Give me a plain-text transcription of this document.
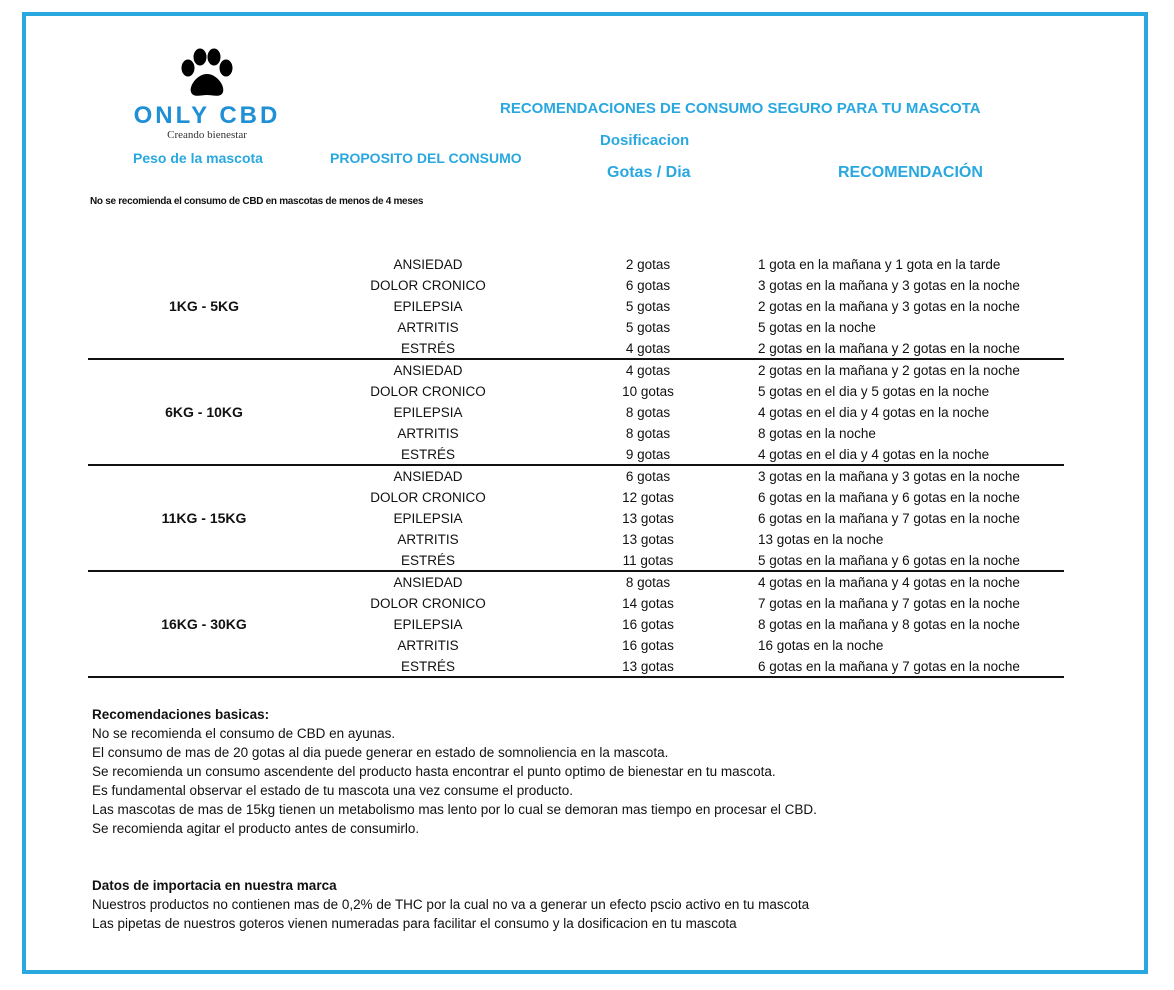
ONLY CBD
Creando bienestar
RECOMENDACIONES DE CONSUMO SEGURO PARA TU MASCOTA
Peso de la mascota	PROPOSITO DEL CONSUMO
Dosificacion
Gotas / Dia	RECOMENDACIÓN
No se recomienda el consumo de CBD en mascotas de menos de 4 meses
1KG - 5KG
ANSIEDAD	2 gotas	1 gota en la mañana y 1 gota en la tarde
DOLOR CRONICO	6 gotas	3 gotas en la mañana y 3 gotas en la noche
EPILEPSIA	5 gotas	2 gotas en la mañana y 3 gotas en la noche
ARTRITIS	5 gotas	5 gotas en la noche
ESTRÉS	4 gotas	2 gotas en la mañana y 2 gotas en la noche
6KG - 10KG
ANSIEDAD	4 gotas	2 gotas en la mañana y 2 gotas en la noche
DOLOR CRONICO	10 gotas	5 gotas en el dia y 5 gotas en la noche
EPILEPSIA	8 gotas	4 gotas en el dia y 4 gotas en la noche
ARTRITIS	8 gotas	8 gotas en la noche
ESTRÉS	9 gotas	4 gotas en el dia y 4 gotas en la noche
11KG - 15KG
ANSIEDAD	6 gotas	3 gotas en la mañana y 3 gotas en la noche
DOLOR CRONICO	12 gotas	6 gotas en la mañana y 6 gotas en la noche
EPILEPSIA	13 gotas	6 gotas en la mañana y 7 gotas en la noche
ARTRITIS	13 gotas	13 gotas en la noche
ESTRÉS	11 gotas	5 gotas en la mañana y 6 gotas en la noche
16KG - 30KG
ANSIEDAD	8 gotas	4 gotas en la mañana y 4 gotas en la noche
DOLOR CRONICO	14 gotas	7 gotas en la mañana y 7 gotas en la noche
EPILEPSIA	16 gotas	8 gotas en la mañana y 8 gotas en la noche
ARTRITIS	16 gotas	16 gotas en la noche
ESTRÉS	13 gotas	6 gotas en la mañana y 7 gotas en la noche
Recomendaciones basicas:
No se recomienda el consumo de CBD en ayunas.
El consumo de mas de 20 gotas al dia puede generar en estado de somnoliencia en la mascota.
Se recomienda un consumo ascendente del producto hasta encontrar el punto optimo de bienestar en tu mascota.
Es fundamental observar el estado de tu mascota una vez consume el producto.
Las mascotas de mas de 15kg tienen un metabolismo mas lento por lo cual se demoran mas tiempo en procesar el CBD.
Se recomienda agitar el producto antes de consumirlo.
Datos de importacia en nuestra marca
Nuestros productos no contienen mas de 0,2% de THC por la cual no va a generar un efecto pscio activo en tu mascota
Las pipetas de nuestros goteros vienen numeradas para facilitar el consumo y la dosificacion en tu mascota
